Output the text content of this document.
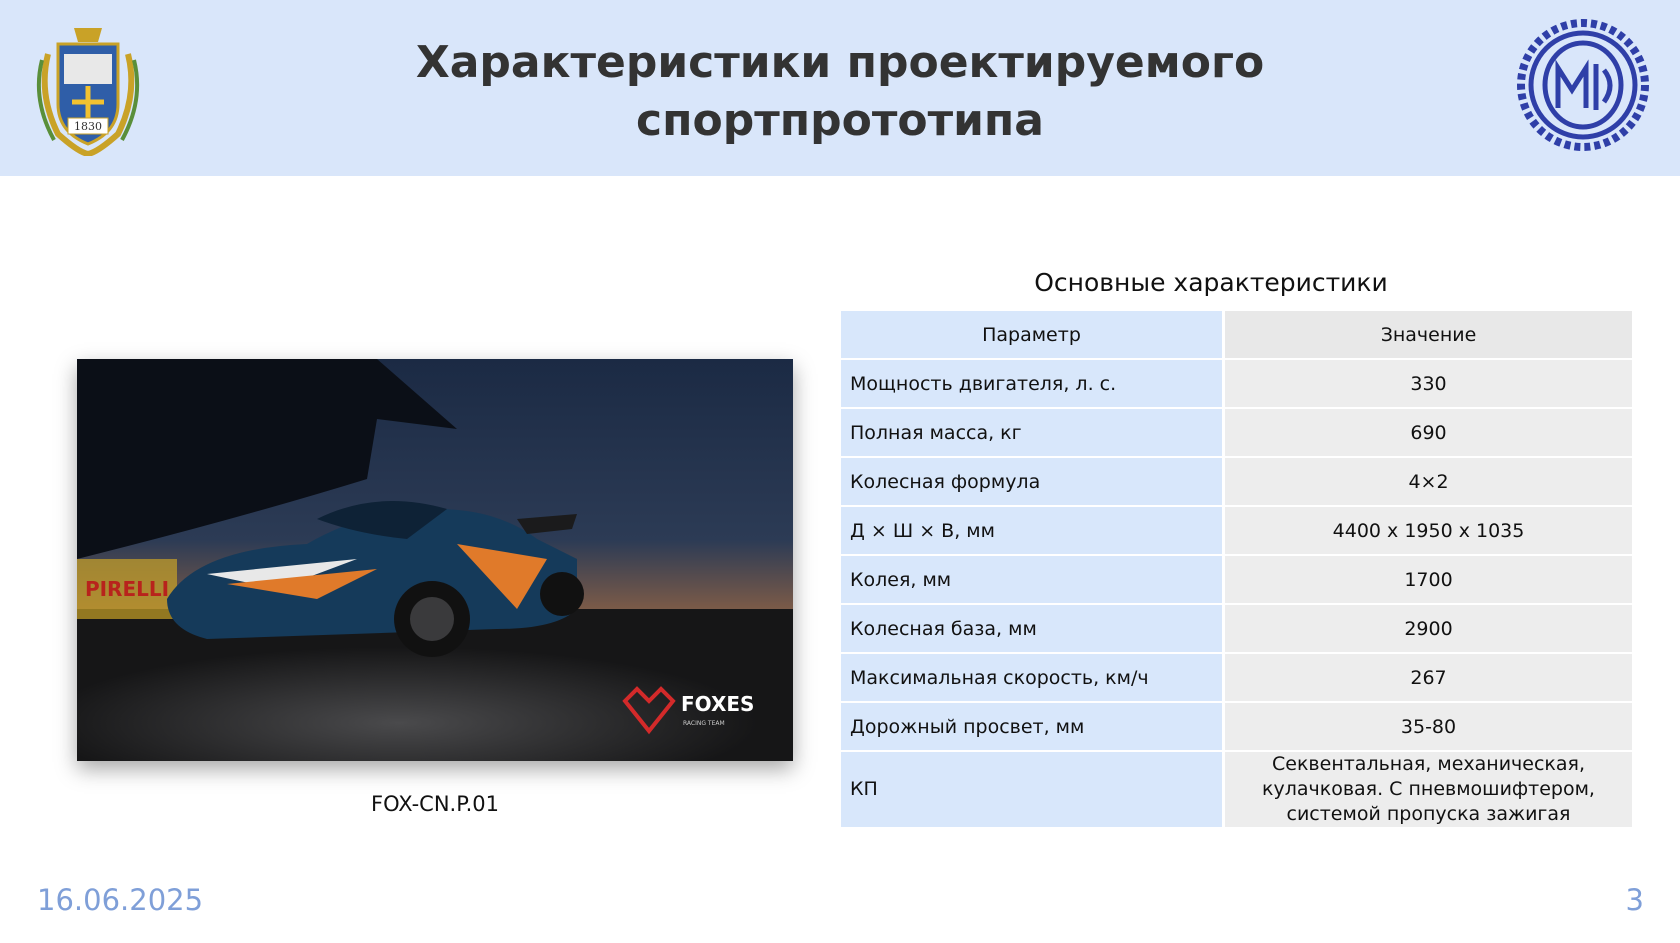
1830
Характеристики проектируемого
спортпрототипа
PIRELLI
FOXES
RACING TEAM
FOX-CN.P.01
Основные характеристики
Параметр	Значение
Мощность двигателя, л. с.	330
Полная масса, кг	690
Колесная формула	4×2
Д × Ш × В, мм	4400 х 1950 х 1035
Колея, мм	1700
Колесная база, мм	2900
Максимальная скорость, км/ч	267
Дорожный просвет, мм	35-80
КП	Секвентальная, механическая,
кулачковая. С пневмошифтером,
системой пропуска зажигая
16.06.2025	3
